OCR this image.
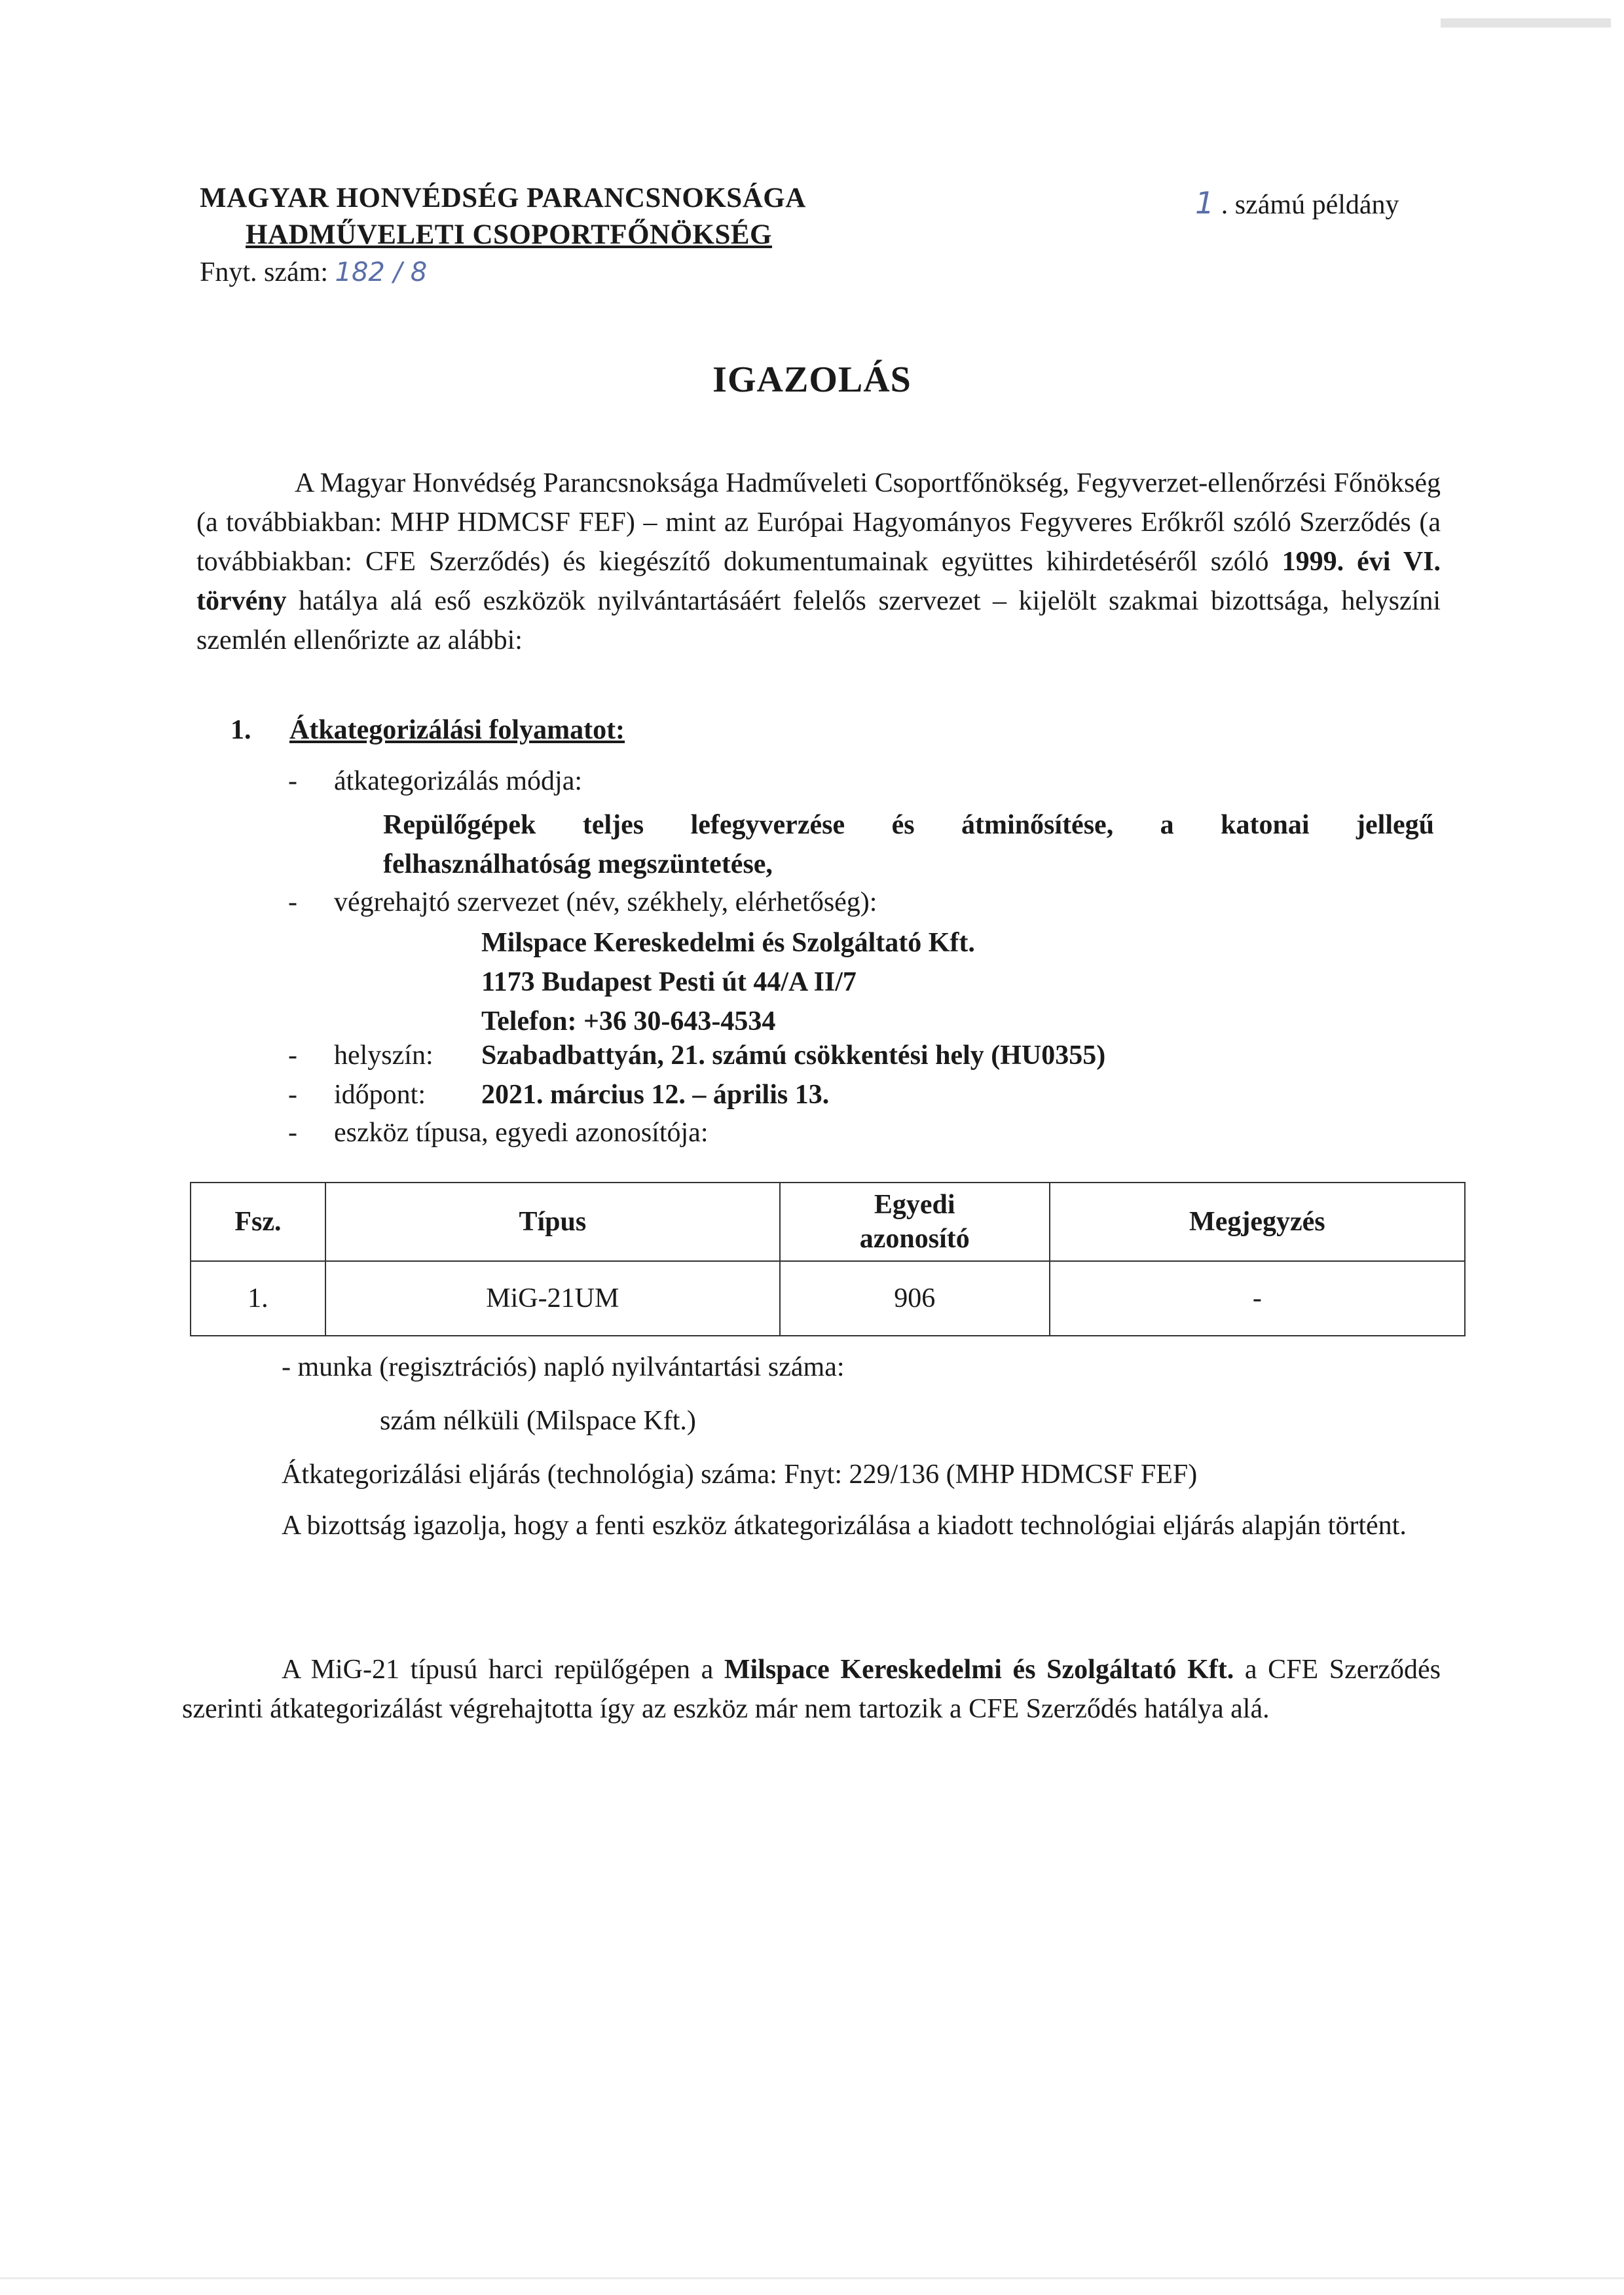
MAGYAR HONVÉDSÉG PARANCSNOKSÁGA
HADMŰVELETI CSOPORTFŐNÖKSÉG
Fnyt. szám: 182 / 8
1 . számú példány
IGAZOLÁS
A Magyar Honvédség Parancsnoksága Hadműveleti Csoportfőnökség, Fegyverzet-ellenőrzési Főnökség (a továbbiakban: MHP HDMCSF FEF) – mint az Európai Hagyományos Fegyveres Erőkről szóló Szerződés (a továbbiakban: CFE Szerződés) és kiegészítő dokumentumainak együttes kihirdetéséről szóló 1999. évi VI. törvény hatálya alá eső eszközök nyilvántartásáért felelős szervezet – kijelölt szakmai bizottsága, helyszíni szemlén ellenőrizte az alábbi:
1. Átkategorizálási folyamatot:
- átkategorizálás módja:
Repülőgépek teljes lefegyverzése és átminősítése, a katonai jellegű
felhasználhatóság megszüntetése,
- végrehajtó szervezet (név, székhely, elérhetőség):
Milspace Kereskedelmi és Szolgáltató Kft.
1173 Budapest Pesti út 44/A II/7
Telefon: +36 30-643-4534
- helyszín: Szabadbattyán, 21. számú csökkentési hely (HU0355)
- időpont: 2021. március 12. – április 13.
- eszköz típusa, egyedi azonosítója:
Fsz.	Típus	Egyedi azonosító	Megjegyzés
1.	MiG-21UM	906	-
- munka (regisztrációs) napló nyilvántartási száma:
szám nélküli (Milspace Kft.)
Átkategorizálási eljárás (technológia) száma: Fnyt: 229/136 (MHP HDMCSF FEF)
A bizottság igazolja, hogy a fenti eszköz átkategorizálása a kiadott technológiai eljárás alapján történt.
A MiG-21 típusú harci repülőgépen a Milspace Kereskedelmi és Szolgáltató Kft. a CFE Szerződés szerinti átkategorizálást végrehajtotta így az eszköz már nem tartozik a CFE Szerződés hatálya alá.
